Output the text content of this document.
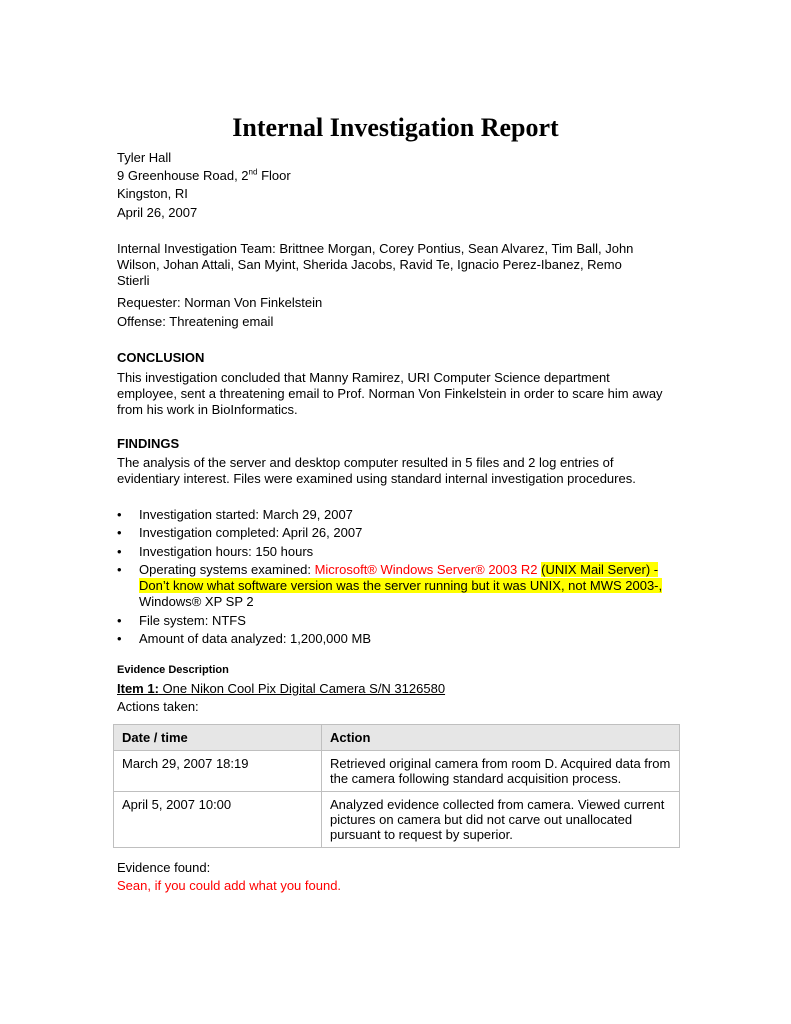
Internal Investigation Report
Tyler Hall
9 Greenhouse Road, 2nd Floor
Kingston, RI
April 26, 2007
Internal Investigation Team: Brittnee Morgan, Corey Pontius, Sean Alvarez, Tim Ball, John Wilson, Johan Attali, San Myint, Sherida Jacobs, Ravid Te, Ignacio Perez-Ibanez, Remo Stierli
Requester: Norman Von Finkelstein
Offense: Threatening email
CONCLUSION
This investigation concluded that Manny Ramirez, URI Computer Science department employee, sent a threatening email to Prof. Norman Von Finkelstein in order to scare him away from his work in BioInformatics.
FINDINGS
The analysis of the server and desktop computer resulted in 5 files and 2 log entries of evidentiary interest. Files were examined using standard internal investigation procedures.
• Investigation started: March 29, 2007
• Investigation completed: April 26, 2007
• Investigation hours: 150 hours
• Operating systems examined: Microsoft® Windows Server® 2003 R2 (UNIX Mail Server) - Don’t know what software version was the server running but it was UNIX, not MWS 2003-, Windows® XP SP 2
• File system: NTFS
• Amount of data analyzed: 1,200,000 MB
Evidence Description
Item 1: One Nikon Cool Pix Digital Camera S/N 3126580
Actions taken:
Date / time	Action
March 29, 2007 18:19	Retrieved original camera from room D. Acquired data from the camera following standard acquisition process.
April 5, 2007 10:00	Analyzed evidence collected from camera. Viewed current pictures on camera but did not carve out unallocated pursuant to request by superior.
Evidence found:
Sean, if you could add what you found.
